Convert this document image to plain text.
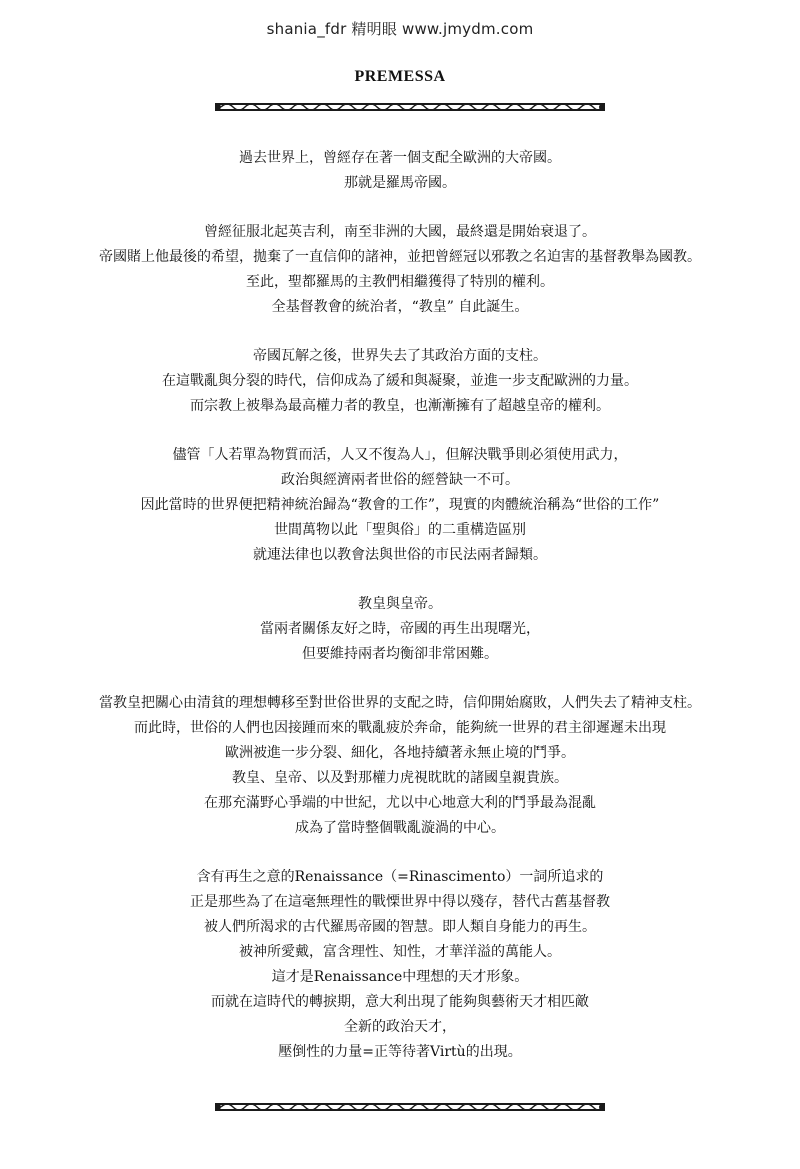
shania_fdr 精明眼 www.jmydm.com
PREMESSA
過去世界上，曾經存在著一個支配全歐洲的大帝國。
那就是羅馬帝國。
曾經征服北起英吉利，南至非洲的大國，最終還是開始衰退了。
帝國賭上他最後的希望，拋棄了一直信仰的諸神，並把曾經冠以邪教之名迫害的基督教舉為國教。
至此，聖都羅馬的主教們相繼獲得了特別的權利。
全基督教會的統治者，“教皇” 自此誕生。
帝國瓦解之後，世界失去了其政治方面的支柱。
在這戰亂與分裂的時代，信仰成為了緩和與凝聚，並進一步支配歐洲的力量。
而宗教上被舉為最高權力者的教皇，也漸漸擁有了超越皇帝的權利。
儘管「人若單為物質而活，人又不復為人」，但解決戰爭則必須使用武力，
政治與經濟兩者世俗的經營缺一不可。
因此當時的世界便把精神統治歸為“教會的工作”，現實的肉體統治稱為“世俗的工作”
世間萬物以此「聖與俗」的二重構造區別
就連法律也以教會法與世俗的市民法兩者歸類。
教皇與皇帝。
當兩者關係友好之時，帝國的再生出現曙光，
但要維持兩者均衡卻非常困難。
當教皇把關心由清貧的理想轉移至對世俗世界的支配之時，信仰開始腐敗，人們失去了精神支柱。
而此時，世俗的人們也因接踵而來的戰亂疲於奔命，能夠統一世界的君主卻遲遲未出現
歐洲被進一步分裂、細化，各地持續著永無止境的鬥爭。
教皇、皇帝、以及對那權力虎視眈眈的諸國皇親貴族。
在那充滿野心爭端的中世紀，尤以中心地意大利的鬥爭最為混亂
成為了當時整個戰亂漩渦的中心。
含有再生之意的Renaissance（=Rinascimento）一詞所追求的
正是那些為了在這毫無理性的戰慄世界中得以殘存，替代古舊基督教
被人們所渴求的古代羅馬帝國的智慧。即人類自身能力的再生。
被神所愛戴，富含理性、知性，才華洋溢的萬能人。
這才是Renaissance中理想的天才形象。
而就在這時代的轉捩期，意大利出現了能夠與藝術天才相匹敵
全新的政治天才，
壓倒性的力量=正等待著Virtù的出現。
